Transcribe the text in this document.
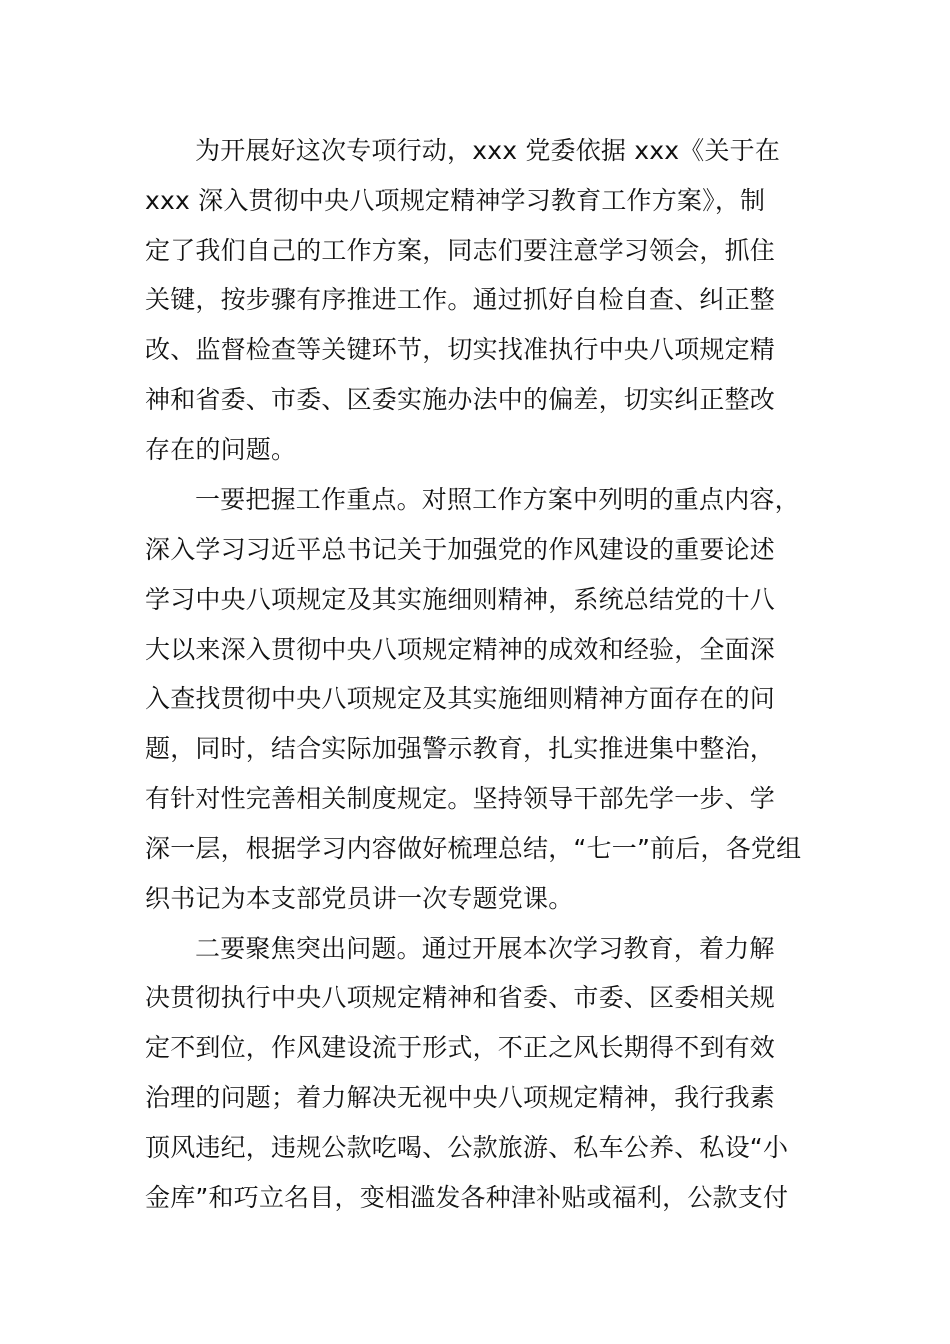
为开展好这次专项行动，xxx 党委依据 xxx《关于在
xxx 深入贯彻中央八项规定精神学习教育工作方案》，制
定了我们自己的工作方案，同志们要注意学习领会，抓住
关键，按步骤有序推进工作。通过抓好自检自查、纠正整
改、监督检查等关键环节，切实找准执行中央八项规定精
神和省委、市委、区委实施办法中的偏差，切实纠正整改
存在的问题。
一要把握工作重点。对照工作方案中列明的重点内容，
深入学习习近平总书记关于加强党的作风建设的重要论述
学习中央八项规定及其实施细则精神，系统总结党的十八
大以来深入贯彻中央八项规定精神的成效和经验，全面深
入查找贯彻中央八项规定及其实施细则精神方面存在的问
题，同时，结合实际加强警示教育，扎实推进集中整治，
有针对性完善相关制度规定。坚持领导干部先学一步、学
深一层，根据学习内容做好梳理总结，“七一”前后，各党组
织书记为本支部党员讲一次专题党课。
二要聚焦突出问题。通过开展本次学习教育，着力解
决贯彻执行中央八项规定精神和省委、市委、区委相关规
定不到位，作风建设流于形式，不正之风长期得不到有效
治理的问题；着力解决无视中央八项规定精神，我行我素
顶风违纪，违规公款吃喝、公款旅游、私车公养、私设“小
金库”和巧立名目，变相滥发各种津补贴或福利，公款支付
